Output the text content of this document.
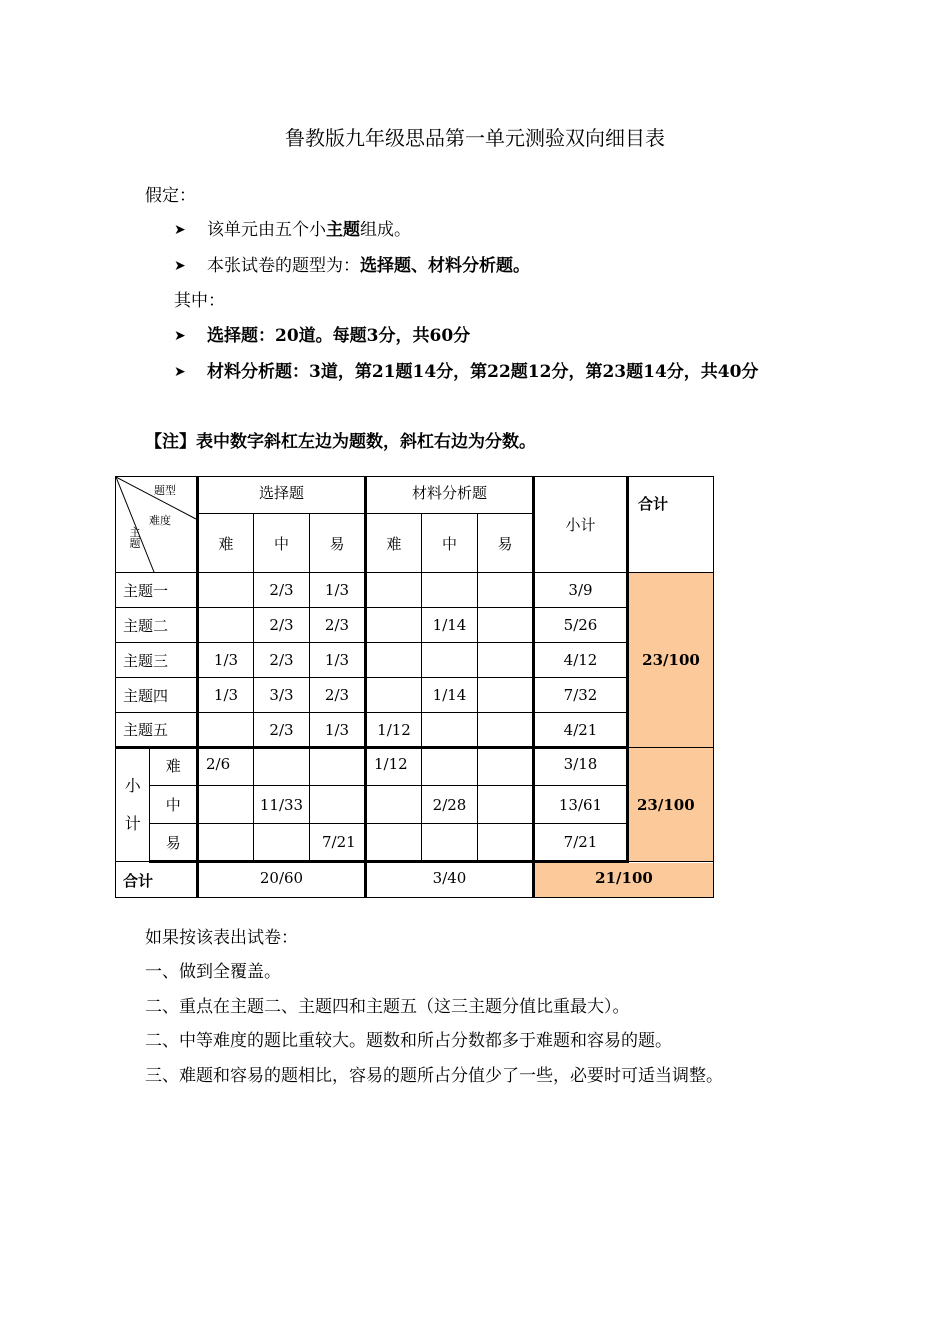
鲁教版九年级思品第一单元测验双向细目表
假定：
➤ 该单元由五个小主题组成。
➤ 本张试卷的题型为：选择题、材料分析题。
其中：
➤ 选择题：20道。每题3分，共60分
➤ 材料分析题：3道，第21题14分，第22题12分，第23题14分，共40分
【注】表中数字斜杠左边为题数，斜杠右边为分数。
题型
难度
主题		选择题			材料分析题			小计	合计
		难	中	易	难	中	易		
主题一			2/3	1/3				3/9	23/100
主题二			2/3	2/3		1/14		5/26	
主题三		1/3	2/3	1/3				4/12	
主题四		1/3	3/3	2/3		1/14		7/32	
主题五			2/3	1/3	1/12			4/21	
小
计	难	2/6			1/12			3/18	23/100
	中		11/33			2/28		13/61	
	易			7/21				7/21	
合计		20/60			3/40			21/100	
如果按该表出试卷：
一、做到全覆盖。
二、重点在主题二、主题四和主题五（这三主题分值比重最大）。
二、中等难度的题比重较大。题数和所占分数都多于难题和容易的题。
三、难题和容易的题相比，容易的题所占分值少了一些，必要时可适当调整。
